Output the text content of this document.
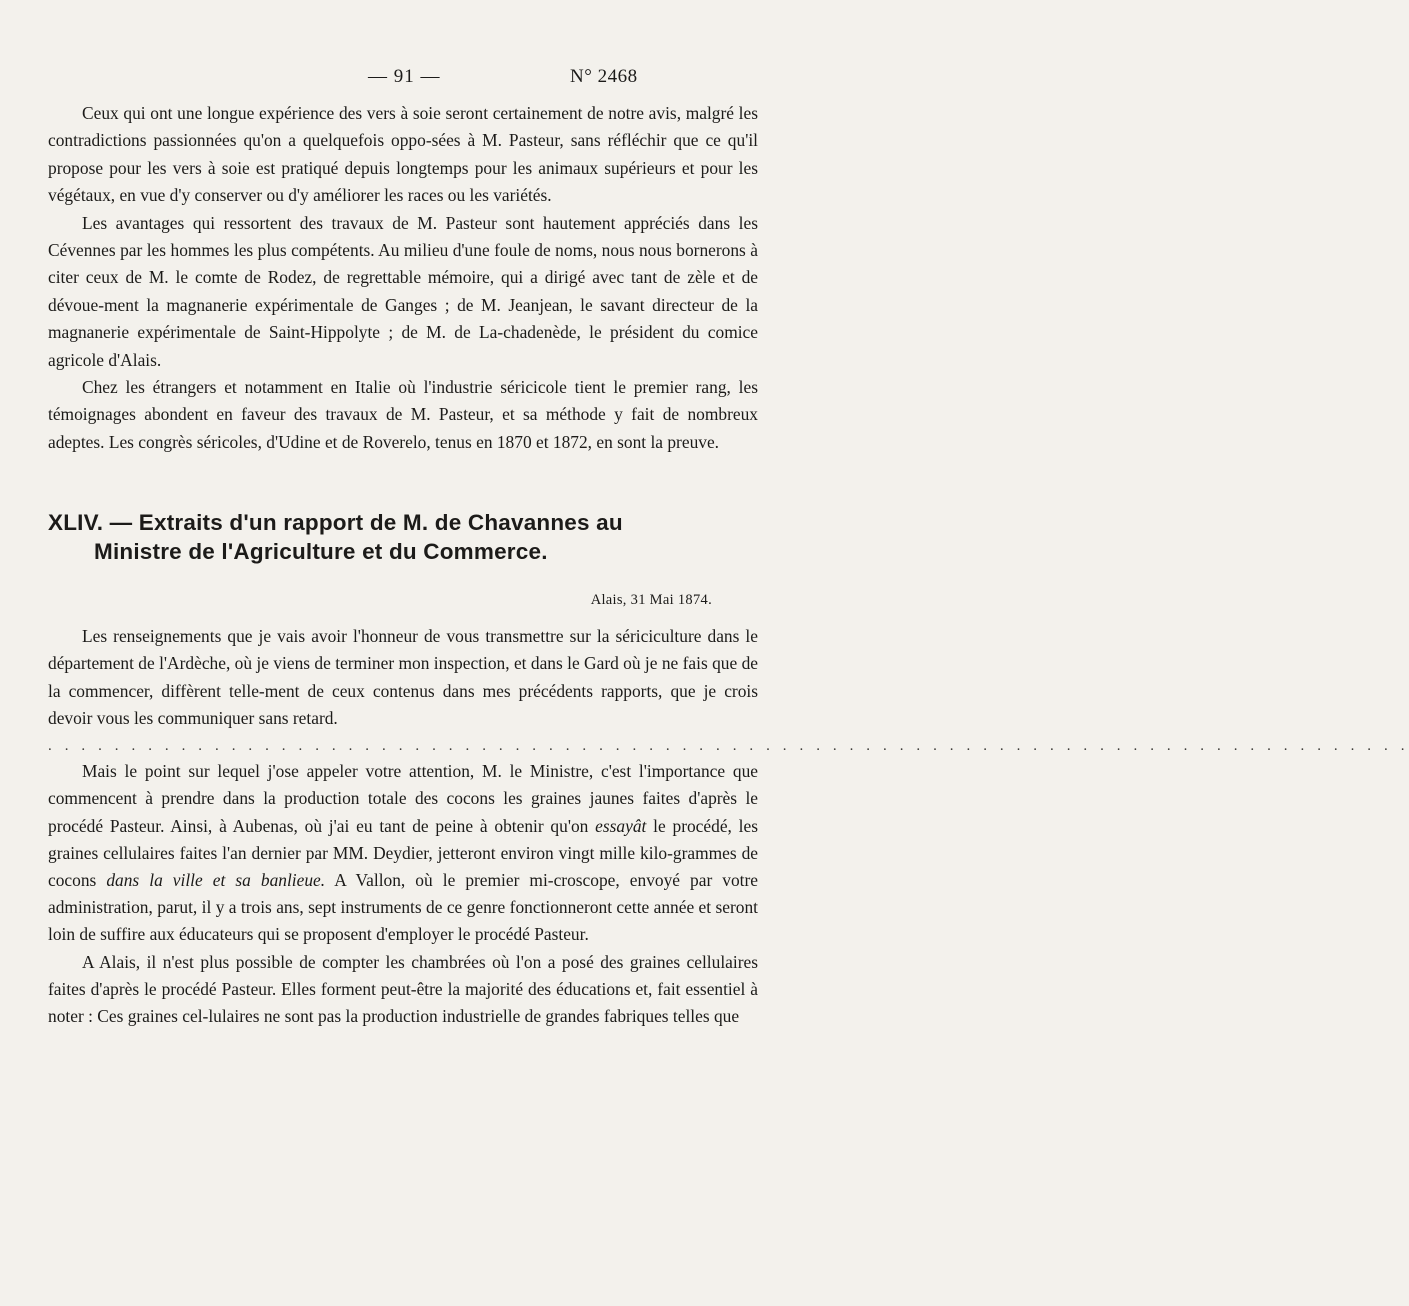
— 91 —	N° 2468

Ceux qui ont une longue expérience des vers à soie seront certainement de notre avis, malgré les contradictions passionnées qu'on a quelquefois oppo-sées à M. Pasteur, sans réfléchir que ce qu'il propose pour les vers à soie est pratiqué depuis longtemps pour les animaux supérieurs et pour les végétaux, en vue d'y conserver ou d'y améliorer les races ou les variétés.

Les avantages qui ressortent des travaux de M. Pasteur sont hautement appréciés dans les Cévennes par les hommes les plus compétents. Au milieu d'une foule de noms, nous nous bornerons à citer ceux de M. le comte de Rodez, de regrettable mémoire, qui a dirigé avec tant de zèle et de dévoue-ment la magnanerie expérimentale de Ganges ; de M. Jeanjean, le savant directeur de la magnanerie expérimentale de Saint-Hippolyte ; de M. de La-chadenède, le président du comice agricole d'Alais.

Chez les étrangers et notamment en Italie où l'industrie séricicole tient le premier rang, les témoignages abondent en faveur des travaux de M. Pasteur, et sa méthode y fait de nombreux adeptes. Les congrès séricoles, d'Udine et de Roverelo, tenus en 1870 et 1872, en sont la preuve.

XLIV. — Extraits d'un rapport de M. de Chavannes au
Ministre de l'Agriculture et du Commerce.
Alais, 31 Mai 1874.

Les renseignements que je vais avoir l'honneur de vous transmettre sur la sériciculture dans le département de l'Ardèche, où je viens de terminer mon inspection, et dans le Gard où je ne fais que de la commencer, diffèrent telle-ment de ceux contenus dans mes précédents rapports, que je crois devoir vous les communiquer sans retard.

. . . . . . . . . . . . . . . . . . . . . . . . . . . . . . . . . . . . . . . . . . . . . . . . . . . . . . . . . . . . . . . . . . . . . . . . . . . . . . . . . .

Mais le point sur lequel j'ose appeler votre attention, M. le Ministre, c'est l'importance que commencent à prendre dans la production totale des cocons les graines jaunes faites d'après le procédé Pasteur. Ainsi, à Aubenas, où j'ai eu tant de peine à obtenir qu'on essayât le procédé, les graines cellulaires faites l'an dernier par MM. Deydier, jetteront environ vingt mille kilo-grammes de cocons dans la ville et sa banlieue. A Vallon, où le premier mi-croscope, envoyé par votre administration, parut, il y a trois ans, sept instruments de ce genre fonctionneront cette année et seront loin de suffire aux éducateurs qui se proposent d'employer le procédé Pasteur.

A Alais, il n'est plus possible de compter les chambrées où l'on a posé des graines cellulaires faites d'après le procédé Pasteur. Elles forment peut-être la majorité des éducations et, fait essentiel à noter : Ces graines cel-lulaires ne sont pas la production industrielle de grandes fabriques telles que
